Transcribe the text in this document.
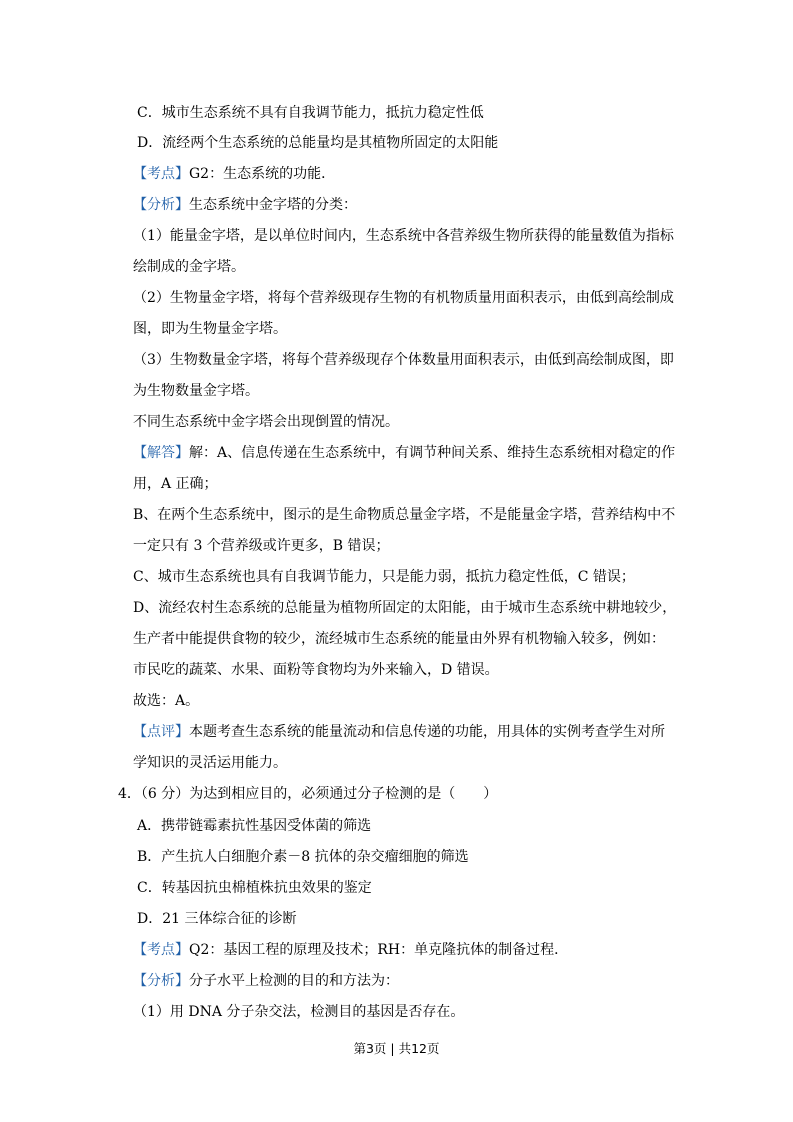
C．城市生态系统不具有自我调节能力，抵抗力稳定性低
D．流经两个生态系统的总能量均是其植物所固定的太阳能
【考点】G2：生态系统的功能．
【分析】生态系统中金字塔的分类：
（1）能量金字塔，是以单位时间内，生态系统中各营养级生物所获得的能量数值为指标
绘制成的金字塔。
（2）生物量金字塔，将每个营养级现存生物的有机物质量用面积表示，由低到高绘制成
图，即为生物量金字塔。
（3）生物数量金字塔，将每个营养级现存个体数量用面积表示，由低到高绘制成图，即
为生物数量金字塔。
不同生态系统中金字塔会出现倒置的情况。
【解答】解：A、信息传递在生态系统中，有调节种间关系、维持生态系统相对稳定的作
用，A 正确；
B、在两个生态系统中，图示的是生命物质总量金字塔，不是能量金字塔，营养结构中不
一定只有 3 个营养级或许更多，B 错误；
C、城市生态系统也具有自我调节能力，只是能力弱，抵抗力稳定性低，C 错误；
D、流经农村生态系统的总能量为植物所固定的太阳能，由于城市生态系统中耕地较少，
生产者中能提供食物的较少，流经城市生态系统的能量由外界有机物输入较多，例如：
市民吃的蔬菜、水果、面粉等食物均为外来输入，D 错误。
故选：A。
【点评】本题考查生态系统的能量流动和信息传递的功能，用具体的实例考查学生对所
学知识的灵活运用能力。
4．（6 分）为达到相应目的，必须通过分子检测的是（　　）
A．携带链霉素抗性基因受体菌的筛选
B．产生抗人白细胞介素－8 抗体的杂交瘤细胞的筛选
C．转基因抗虫棉植株抗虫效果的鉴定
D．21 三体综合征的诊断
【考点】Q2：基因工程的原理及技术；RH：单克隆抗体的制备过程．
【分析】分子水平上检测的目的和方法为：
（1）用 DNA 分子杂交法，检测目的基因是否存在。
第3页 | 共12页
